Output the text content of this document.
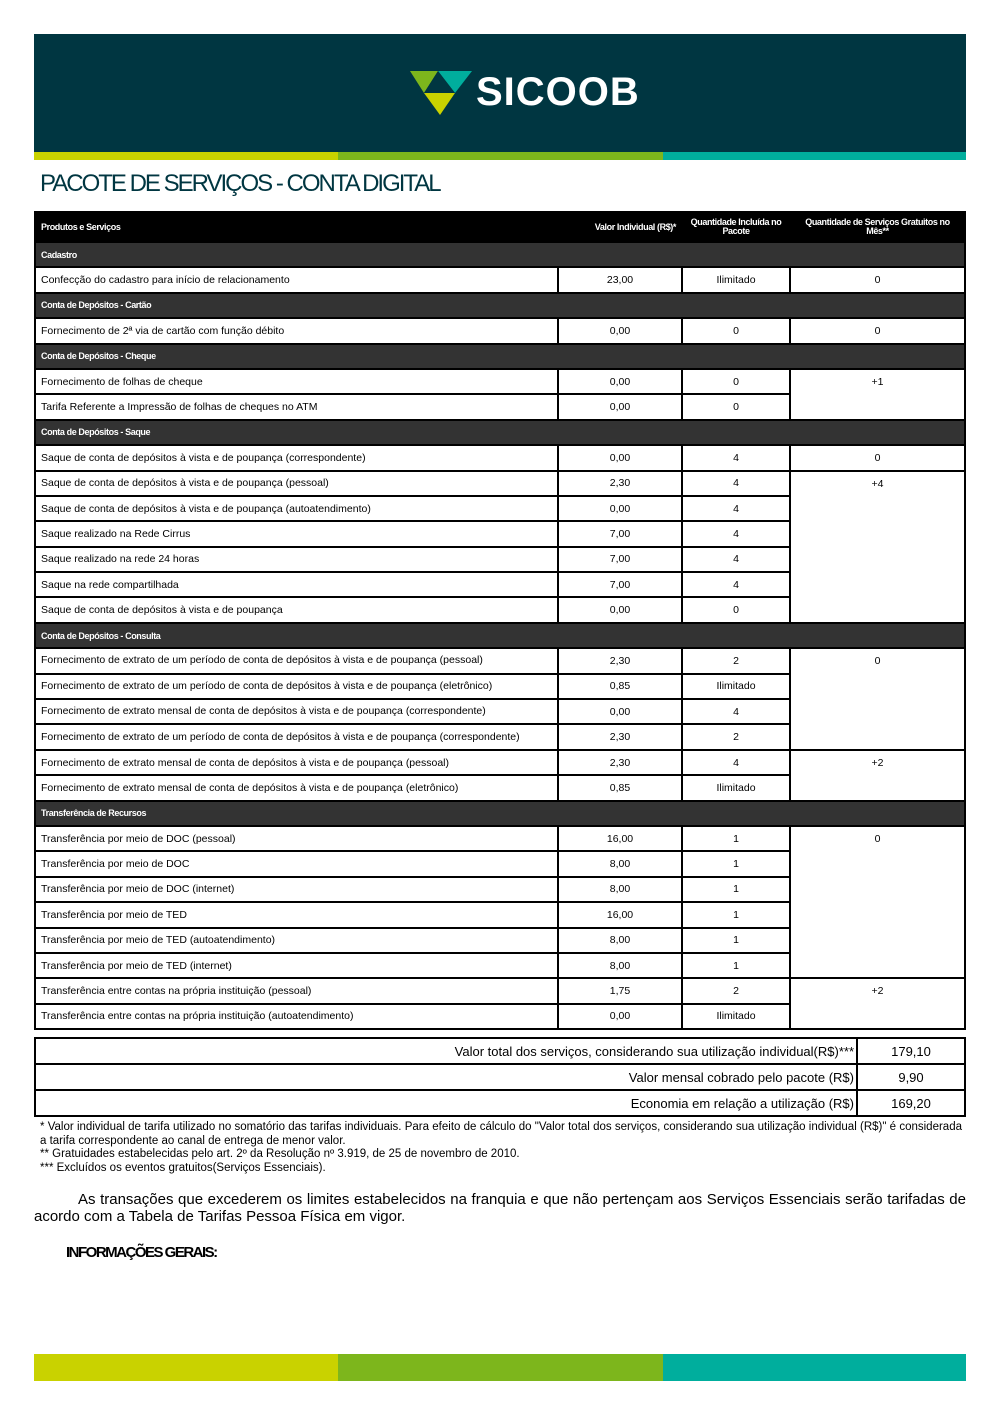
SICOOB
PACOTE DE SERVIÇOS - CONTA DIGITAL
Produtos e Serviços	Valor Individual (R$)*	Quantidade Incluída no Pacote	Quantidade de Serviços Gratuitos no Mês**
Cadastro			
Confecção do cadastro para início de relacionamento	23,00	Ilimitado	0
Conta de Depósitos - Cartão			
Fornecimento de 2ª via de cartão com função débito	0,00	0	0
Conta de Depósitos - Cheque			
Fornecimento de folhas de cheque	0,00	0	+1
Tarifa Referente a Impressão de folhas de cheques no ATM	0,00	0	
Conta de Depósitos - Saque			
Saque de conta de depósitos à vista e de poupança (correspondente)	0,00	4	0
Saque de conta de depósitos à vista e de poupança (pessoal)	2,30	4	+4
Saque de conta de depósitos à vista e de poupança (autoatendimento)	0,00	4	
Saque realizado na Rede Cirrus	7,00	4	
Saque realizado na rede 24 horas	7,00	4	
Saque na rede compartilhada	7,00	4	
Saque de conta de depósitos à vista e de poupança	0,00	0	
Conta de Depósitos - Consulta			
Fornecimento de extrato de um período de conta de depósitos à vista e de poupança (pessoal)	2,30	2	0
Fornecimento de extrato de um período de conta de depósitos à vista e de poupança (eletrônico)	0,85	Ilimitado	
Fornecimento de extrato mensal de conta de depósitos à vista e de poupança (correspondente)	0,00	4	
Fornecimento de extrato de um período de conta de depósitos à vista e de poupança (correspondente)	2,30	2	
Fornecimento de extrato mensal de conta de depósitos à vista e de poupança (pessoal)	2,30	4	+2
Fornecimento de extrato mensal de conta de depósitos à vista e de poupança (eletrônico)	0,85	Ilimitado	
Transferência de Recursos			
Transferência por meio de DOC (pessoal)	16,00	1	0
Transferência por meio de DOC	8,00	1	
Transferência por meio de DOC (internet)	8,00	1	
Transferência por meio de TED	16,00	1	
Transferência por meio de TED (autoatendimento)	8,00	1	
Transferência por meio de TED (internet)	8,00	1	
Transferência entre contas na própria instituição (pessoal)	1,75	2	+2
Transferência entre contas na própria instituição (autoatendimento)	0,00	Ilimitado	
Valor total dos serviços, considerando sua utilização individual(R$)***	179,10
Valor mensal cobrado pelo pacote (R$)	9,90
Economia em relação a utilização (R$)	169,20

* Valor individual de tarifa utilizado no somatório das tarifas individuais. Para efeito de cálculo do "Valor total dos serviços, considerando sua utilização individual (R$)" é considerada a tarifa correspondente ao canal de entrega de menor valor.

** Gratuidades estabelecidas pelo art. 2º da Resolução nº 3.919, de 25 de novembro de 2010.

*** Excluídos os eventos gratuitos(Serviços Essenciais).

As transações que excederem os limites estabelecidos na franquia e que não pertençam aos Serviços Essenciais serão tarifadas de acordo com a Tabela de Tarifas Pessoa Física em vigor.

INFORMAÇÕES GERAIS:
